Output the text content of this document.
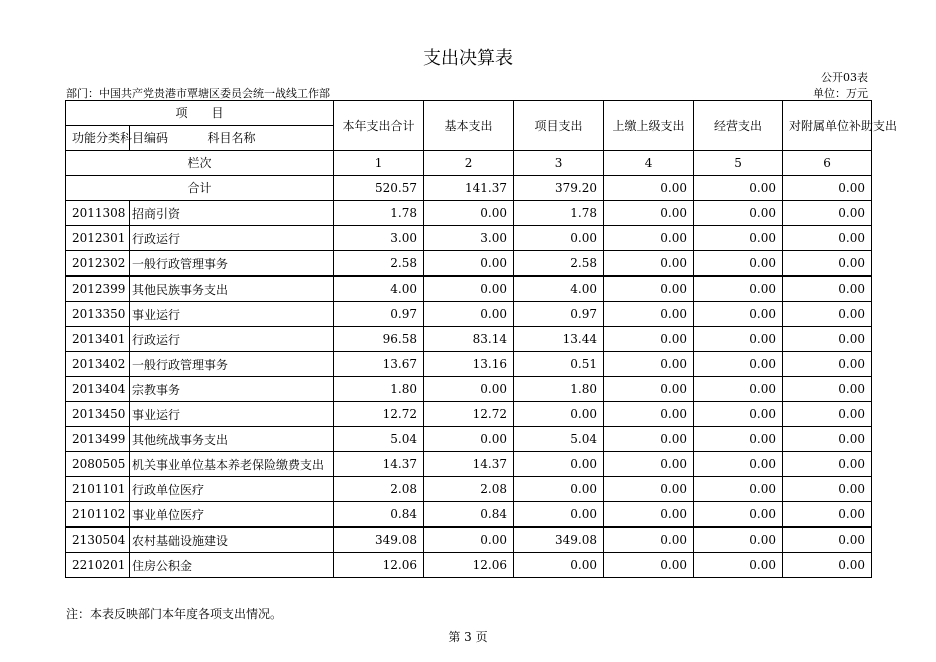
支出决算表
公开03表
部门：中国共产党贵港市覃塘区委员会统一战线工作部	单位：万元
项　　目		本年支出合计	基本支出	项目支出	上缴上级支出	经营支出	对附属单位补助支出
功能分类科目编码	科目名称						
栏次		1	2	3	4	5	6
合计		520.57	141.37	379.20	0.00	0.00	0.00
2011308	招商引资	1.78	0.00	1.78	0.00	0.00	0.00
2012301	行政运行	3.00	3.00	0.00	0.00	0.00	0.00
2012302	一般行政管理事务	2.58	0.00	2.58	0.00	0.00	0.00
2012399	其他民族事务支出	4.00	0.00	4.00	0.00	0.00	0.00
2013350	事业运行	0.97	0.00	0.97	0.00	0.00	0.00
2013401	行政运行	96.58	83.14	13.44	0.00	0.00	0.00
2013402	一般行政管理事务	13.67	13.16	0.51	0.00	0.00	0.00
2013404	宗教事务	1.80	0.00	1.80	0.00	0.00	0.00
2013450	事业运行	12.72	12.72	0.00	0.00	0.00	0.00
2013499	其他统战事务支出	5.04	0.00	5.04	0.00	0.00	0.00
2080505	机关事业单位基本养老保险缴费支出	14.37	14.37	0.00	0.00	0.00	0.00
2101101	行政单位医疗	2.08	2.08	0.00	0.00	0.00	0.00
2101102	事业单位医疗	0.84	0.84	0.00	0.00	0.00	0.00
2130504	农村基础设施建设	349.08	0.00	349.08	0.00	0.00	0.00
2210201	住房公积金	12.06	12.06	0.00	0.00	0.00	0.00
注：本表反映部门本年度各项支出情况。
第 3 页
